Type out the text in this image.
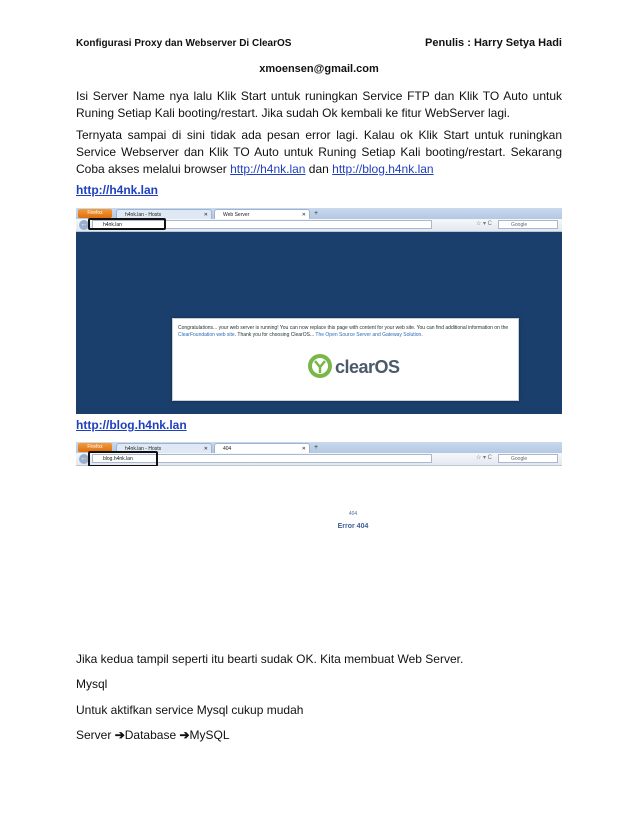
Konfigurasi Proxy dan Webserver Di ClearOS	Penulis : Harry Setya Hadi
xmoensen@gmail.com

Isi Server Name nya lalu Klik Start untuk runingkan Service FTP dan Klik TO Auto untuk Runing Setiap Kali booting/restart. Jika sudah Ok kembali ke fitur WebServer lagi.

Ternyata sampai di sini tidak ada pesan error lagi. Kalau ok Klik Start untuk runingkan Service Webserver dan Klik TO Auto untuk Runing Setiap Kali booting/restart. Sekarang Coba akses melalui browser http://h4nk.lan dan http://blog.h4nk.lan

http://h4nk.lan
Firefox	h4nk.lan - Hosts	✕	Web Server	✕ +
←	h4nk.lan	☆ ▾ C	Google
Congratulations... your web server is running! You can now replace this page with content for your web site. You can find additional information on the ClearFoundation web site. Thank you for choosing ClearOS... The Open Source Server and Gateway Solution.
clearOS
http://blog.h4nk.lan
Firefox	h4nk.lan - Hosts	✕	404	✕ +
←	blog.h4nk.lan	☆ ▾ C	Google
404
Error 404

Jika kedua tampil seperti itu bearti sudak OK. Kita membuat Web Server.

Mysql

Untuk aktifkan service Mysql cukup mudah

Server ➔Database ➔MySQL
